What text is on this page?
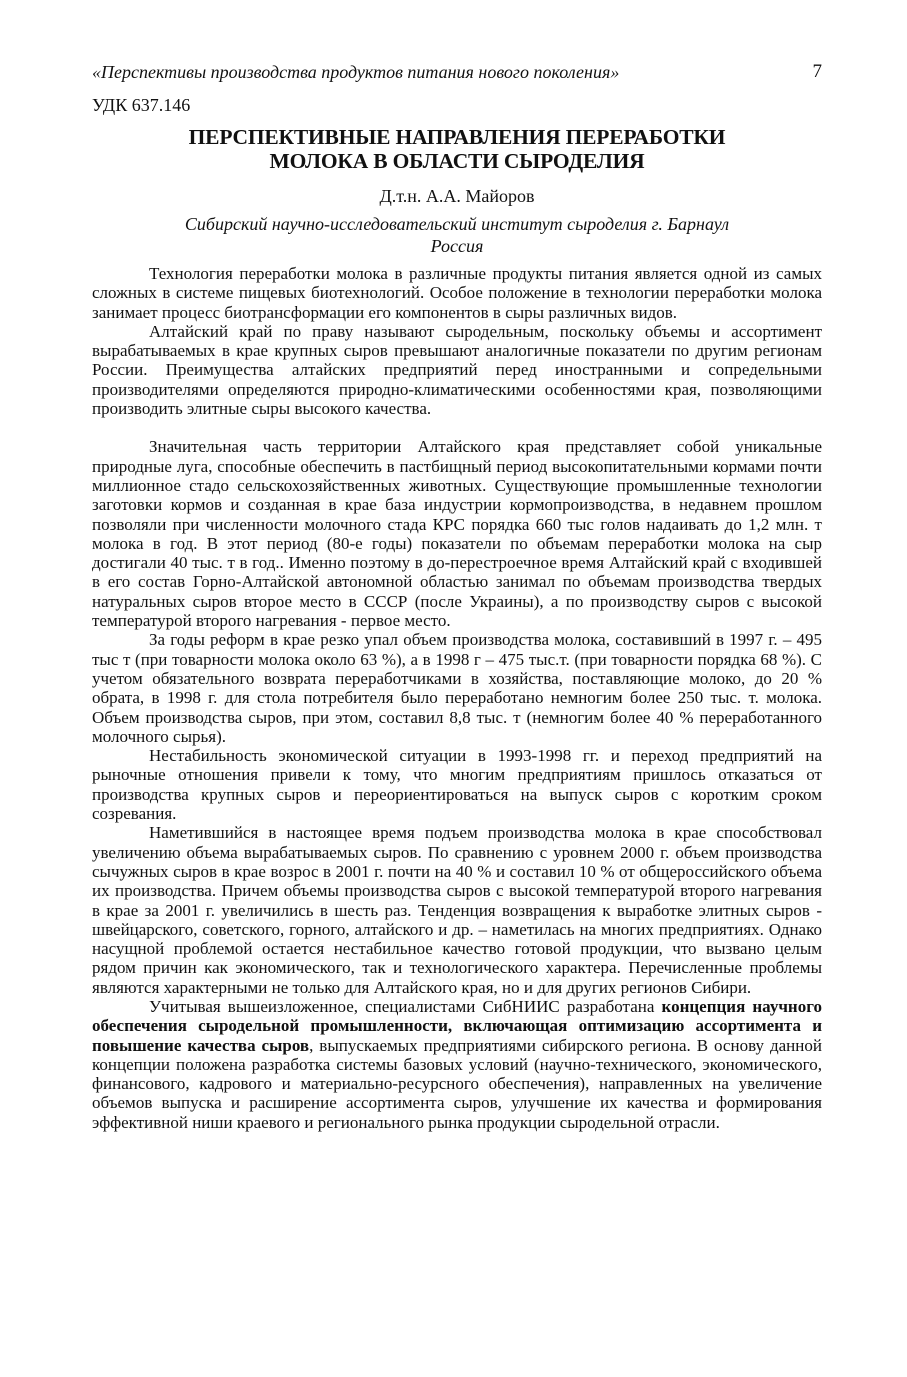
«Перспективы производства продуктов питания нового поколения»	7
УДК 637.146
ПЕРСПЕКТИВНЫЕ НАПРАВЛЕНИЯ ПЕРЕРАБОТКИ
МОЛОКА В ОБЛАСТИ СЫРОДЕЛИЯ
Д.т.н. А.А. Майоров
Сибирский научно-исследовательский институт сыроделия г. Барнаул
Россия

Технология переработки молока в различные продукты питания является одной из самых сложных в системе пищевых биотехнологий. Особое положение в технологии переработки молока занимает процесс биотрансформации его компонентов в сыры различных видов.

Алтайский край по праву называют сыродельным, поскольку объемы и ассортимент вырабатываемых в крае крупных сыров превышают аналогичные показатели по другим регионам России. Преимущества алтайских предприятий перед иностранными и сопредельными производителями определяются природно-климатическими особенностями края, позволяющими производить элитные сыры высокого качества.

Значительная часть территории Алтайского края представляет собой уникальные природные луга, способные обеспечить в пастбищный период высокопитательными кормами почти миллионное стадо сельскохозяйственных животных. Существующие промышленные технологии заготовки кормов и созданная в крае база индустрии кормопроизводства, в недавнем прошлом позволяли при численности молочного стада КРС порядка 660 тыс голов надаивать до 1,2 млн. т молока в год. В этот период (80-е годы) показатели по объемам переработки молока на сыр достигали 40 тыс. т в год.. Именно поэтому в до-перестроечное время Алтайский край с входившей в его состав Горно-Алтайской автономной областью занимал по объемам производства твердых натуральных сыров второе место в СССР (после Украины), а по производству сыров с высокой температурой второго нагревания - первое место.

За годы реформ в крае резко упал объем производства молока, составивший в 1997 г. – 495 тыс т (при товарности молока около 63 %), а в 1998 г – 475 тыс.т. (при товарности порядка 68 %). С учетом обязательного возврата переработчиками в хозяйства, поставляющие молоко, до 20 % обрата, в 1998 г. для стола потребителя было переработано немногим более 250 тыс. т. молока. Объем производства сыров, при этом, составил 8,8 тыс. т (немногим более 40 % переработанного молочного сырья).

Нестабильность экономической ситуации в 1993-1998 гг. и переход предприятий на рыночные отношения привели к тому, что многим предприятиям пришлось отказаться от производства крупных сыров и переориентироваться на выпуск сыров с коротким сроком созревания.

Наметившийся в настоящее время подъем производства молока в крае способствовал увеличению объема вырабатываемых сыров. По сравнению с уровнем 2000 г. объем производства сычужных сыров в крае возрос в 2001 г. почти на 40 % и составил 10 % от общероссийского объема их производства. Причем объемы производства сыров с высокой температурой второго нагревания в крае за 2001 г. увеличились в шесть раз. Тенденция возвращения к выработке элитных сыров - швейцарского, советского, горного, алтайского и др. – наметилась на многих предприятиях. Однако насущной проблемой остается нестабильное качество готовой продукции, что вызвано целым рядом причин как экономического, так и технологического характера. Перечисленные проблемы являются характерными не только для Алтайского края, но и для других регионов Сибири.

Учитывая вышеизложенное, специалистами СибНИИС разработана концепция научного обеспечения сыродельной промышленности, включающая оптимизацию ассортимента и повышение качества сыров, выпускаемых предприятиями сибирского региона. В основу данной концепции положена разработка системы базовых условий (научно-технического, экономического, финансового, кадрового и материально-ресурсного обеспечения), направленных на увеличение объемов выпуска и расширение ассортимента сыров, улучшение их качества и формирования эффективной ниши краевого и регионального рынка продукции сыродельной отрасли.
